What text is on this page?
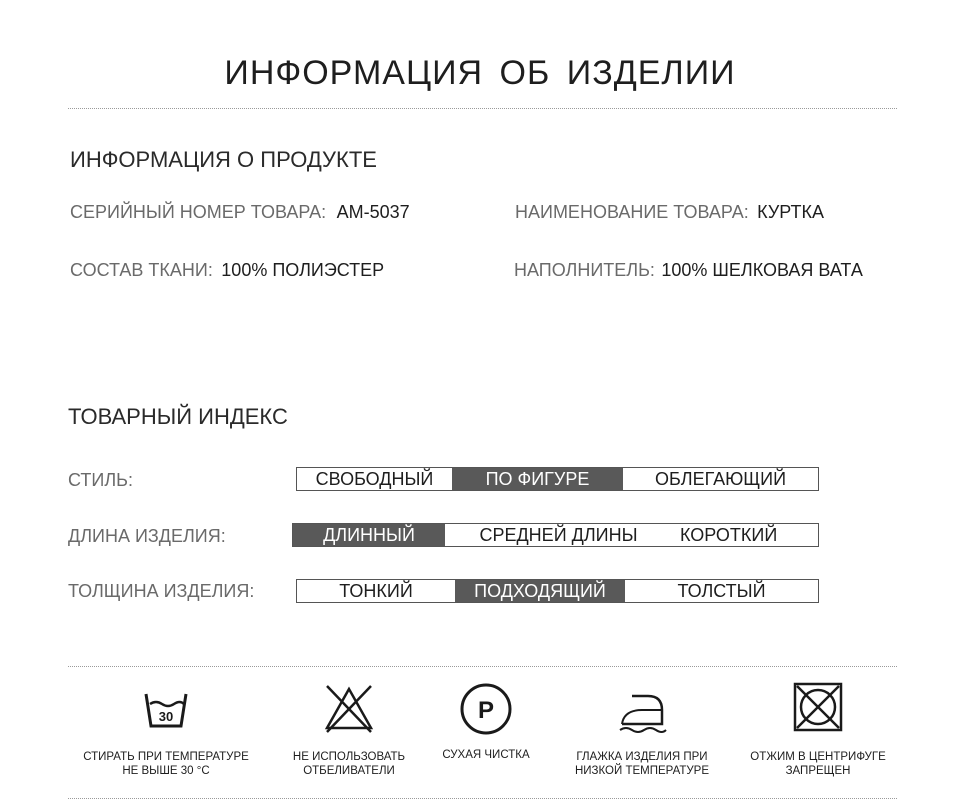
ИНФОРМАЦИЯ ОБ ИЗДЕЛИИ
ИНФОРМАЦИЯ О ПРОДУКТЕ
СЕРИЙНЫЙ НОМЕР ТОВАРА: AM-5037	НАИМЕНОВАНИЕ ТОВАРА: КУРТКА
СОСТАВ ТКАНИ: 100% ПОЛИЭСТЕР	НАПОЛНИТЕЛЬ: 100% ШЕЛКОВАЯ ВАТА
ТОВАРНЫЙ ИНДЕКС
СТИЛЬ:	СВОБОДНЫЙ	ПО ФИГУРЕ	ОБЛЕГАЮЩИЙ
ДЛИНА ИЗДЕЛИЯ:	ДЛИННЫЙ	СРЕДНЕЙ ДЛИНЫ	КОРОТКИЙ
ТОЛЩИНА ИЗДЕЛИЯ:	ТОНКИЙ	ПОДХОДЯЩИЙ	ТОЛСТЫЙ
30
СТИРАТЬ ПРИ ТЕМПЕРАТУРЕ
НЕ ВЫШЕ 30 °C
НЕ ИСПОЛЬЗОВАТЬ
ОТБЕЛИВАТЕЛИ
P
СУХАЯ ЧИСТКА	ГЛАЖКА ИЗДЕЛИЯ ПРИ
НИЗКОЙ ТЕМПЕРАТУРЕ
ОТЖИМ В ЦЕНТРИФУГЕ
ЗАПРЕЩЕН
